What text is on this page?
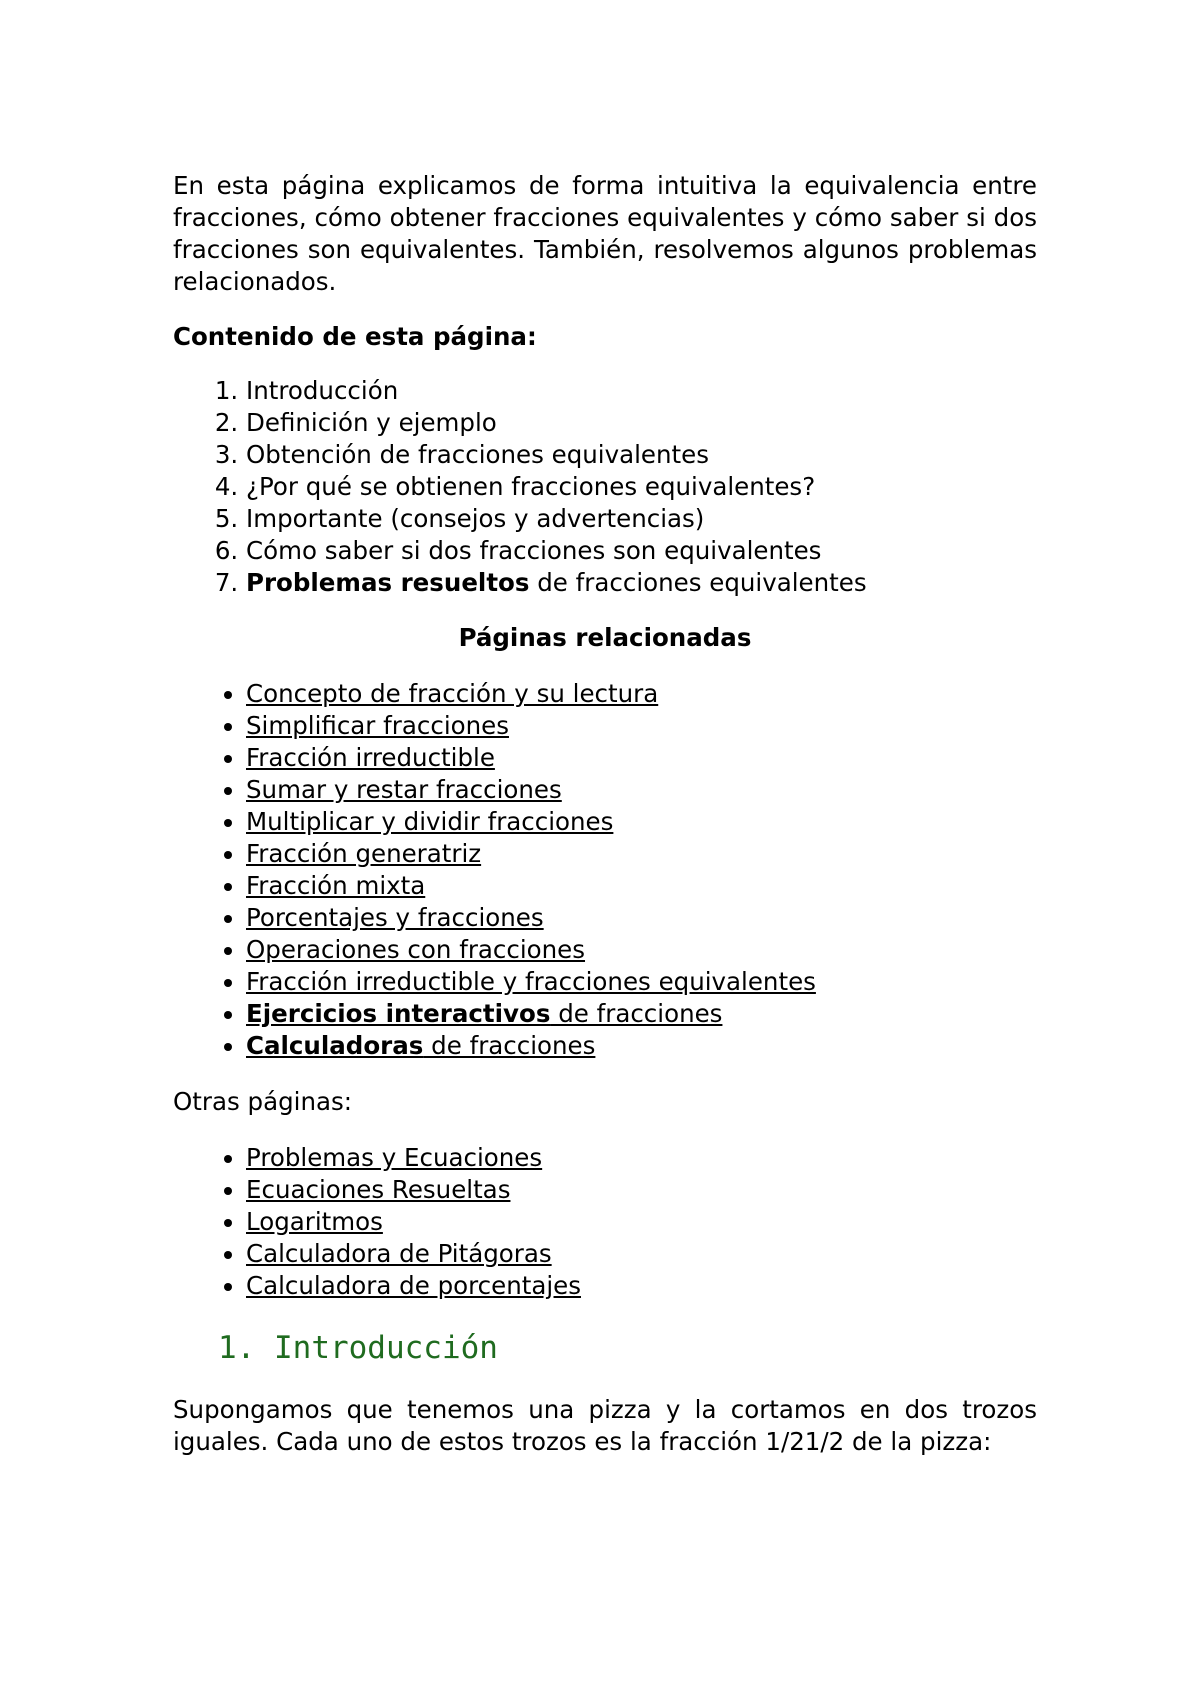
En esta página explicamos de forma intuitiva la equivalencia entre fracciones, cómo obtener fracciones equivalentes y cómo saber si dos fracciones son equivalentes. También, resolvemos algunos problemas relacionados.

Contenido de esta página:

1. Introducción
2. Definición y ejemplo
3. Obtención de fracciones equivalentes
4. ¿Por qué se obtienen fracciones equivalentes?
5. Importante (consejos y advertencias)
6. Cómo saber si dos fracciones son equivalentes
7. Problemas resueltos de fracciones equivalentes

Páginas relacionadas

• Concepto de fracción y su lectura
• Simplificar fracciones
• Fracción irreductible
• Sumar y restar fracciones
• Multiplicar y dividir fracciones
• Fracción generatriz
• Fracción mixta
• Porcentajes y fracciones
• Operaciones con fracciones
• Fracción irreductible y fracciones equivalentes
• Ejercicios interactivos de fracciones
• Calculadoras de fracciones

Otras páginas:

• Problemas y Ecuaciones
• Ecuaciones Resueltas
• Logaritmos
• Calculadora de Pitágoras
• Calculadora de porcentajes
1. Introducción

Supongamos que tenemos una pizza y la cortamos en dos trozos iguales. Cada uno de estos trozos es la fracción 1/21/2 de la pizza:
